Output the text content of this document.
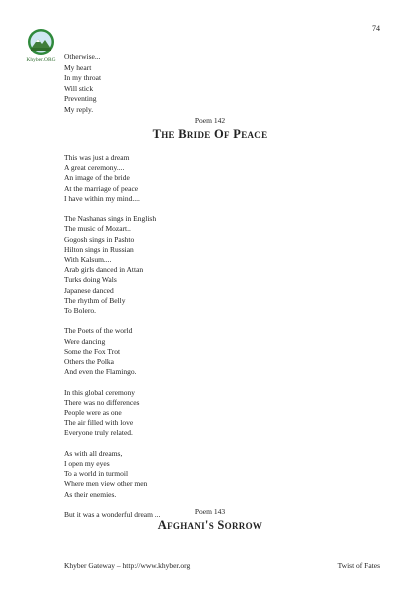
74
Khyber.ORG	Otherwise...
My heart
In my throat
Will stick
Preventing
My reply.
Poem 142
The Bride Of Peace
This was just a dream
A great ceremony....
An image of the bride
At the marriage of peace
I have within my mind....
The Nashanas sings in English
The music of Mozart..
Gogosh sings in Pashto
Hilton sings in Russian
With Kalsum....
Arab girls danced in Attan
Turks doing Wals
Japanese danced
The rhythm of Belly
To Bolero.
The Poets of the world
Were dancing
Some the Fox Trot
Others the Polka
And even the Flamingo.
In this global ceremony
There was no differences
People were as one
The air filled with love
Everyone truly related.
As with all dreams,
I open my eyes
To a world in turmoil
Where men view other men
As their enemies.
But it was a wonderful dream ...	Poem 143
Afghani's Sorrow
Khyber Gateway – http://www.khyber.org	Twist of Fates
